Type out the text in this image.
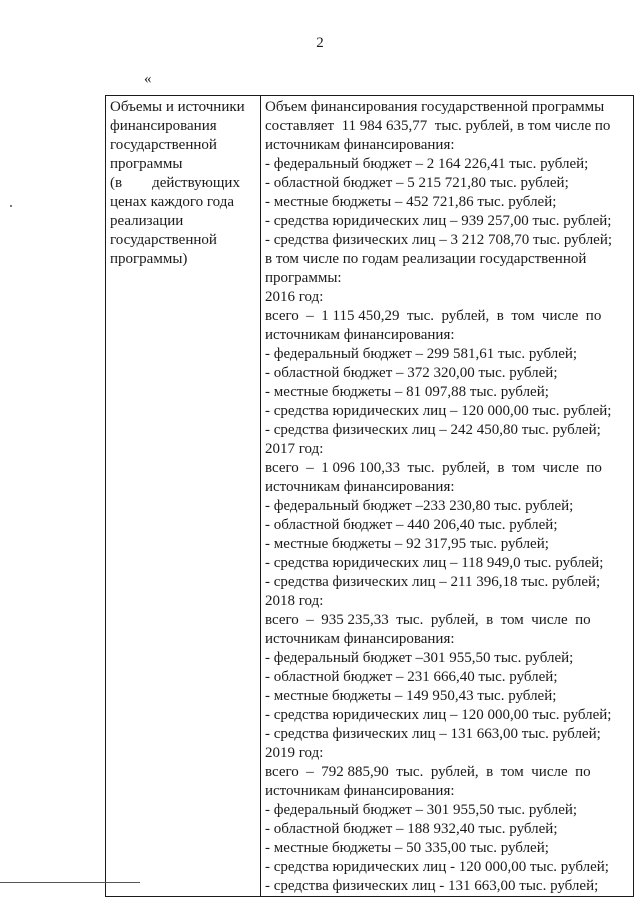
2
«
Объемы и источники
финансирования
государственной
программы
(в        действующих
ценах каждого года
реализации
государственной
программы)

Объем финансирования государственной программы
составляет  11 984 635,77  тыс. рублей, в том числе по
источникам финансирования:
- федеральный бюджет – 2 164 226,41 тыс. рублей;
- областной бюджет – 5 215 721,80 тыс. рублей;
- местные бюджеты – 452 721,86 тыс. рублей;
- средства юридических лиц – 939 257,00 тыс. рублей;
- средства физических лиц – 3 212 708,70 тыс. рублей;
в том числе по годам реализации государственной
программы:
2016 год:
всего  –  1 115 450,29  тыс.  рублей,  в  том  числе  по
источникам финансирования:
- федеральный бюджет – 299 581,61 тыс. рублей;
- областной бюджет – 372 320,00 тыс. рублей;
- местные бюджеты – 81 097,88 тыс. рублей;
- средства юридических лиц – 120 000,00 тыс. рублей;
- средства физических лиц – 242 450,80 тыс. рублей;
2017 год:
всего  –  1 096 100,33  тыс.  рублей,  в  том  числе  по
источникам финансирования:
- федеральный бюджет –233 230,80 тыс. рублей;
- областной бюджет – 440 206,40 тыс. рублей;
- местные бюджеты – 92 317,95 тыс. рублей;
- средства юридических лиц – 118 949,0 тыс. рублей;
- средства физических лиц – 211 396,18 тыс. рублей;
2018 год:
всего  –  935 235,33  тыс.  рублей,  в  том  числе  по
источникам финансирования:
- федеральный бюджет –301 955,50 тыс. рублей;
- областной бюджет – 231 666,40 тыс. рублей;
- местные бюджеты – 149 950,43 тыс. рублей;
- средства юридических лиц – 120 000,00 тыс. рублей;
- средства физических лиц – 131 663,00 тыс. рублей;
2019 год:
всего  –  792 885,90  тыс.  рублей,  в  том  числе  по
источникам финансирования:
- федеральный бюджет – 301 955,50 тыс. рублей;
- областной бюджет – 188 932,40 тыс. рублей;
- местные бюджеты – 50 335,00 тыс. рублей;
- средства юридических лиц - 120 000,00 тыс. рублей;
- средства физических лиц - 131 663,00 тыс. рублей;
